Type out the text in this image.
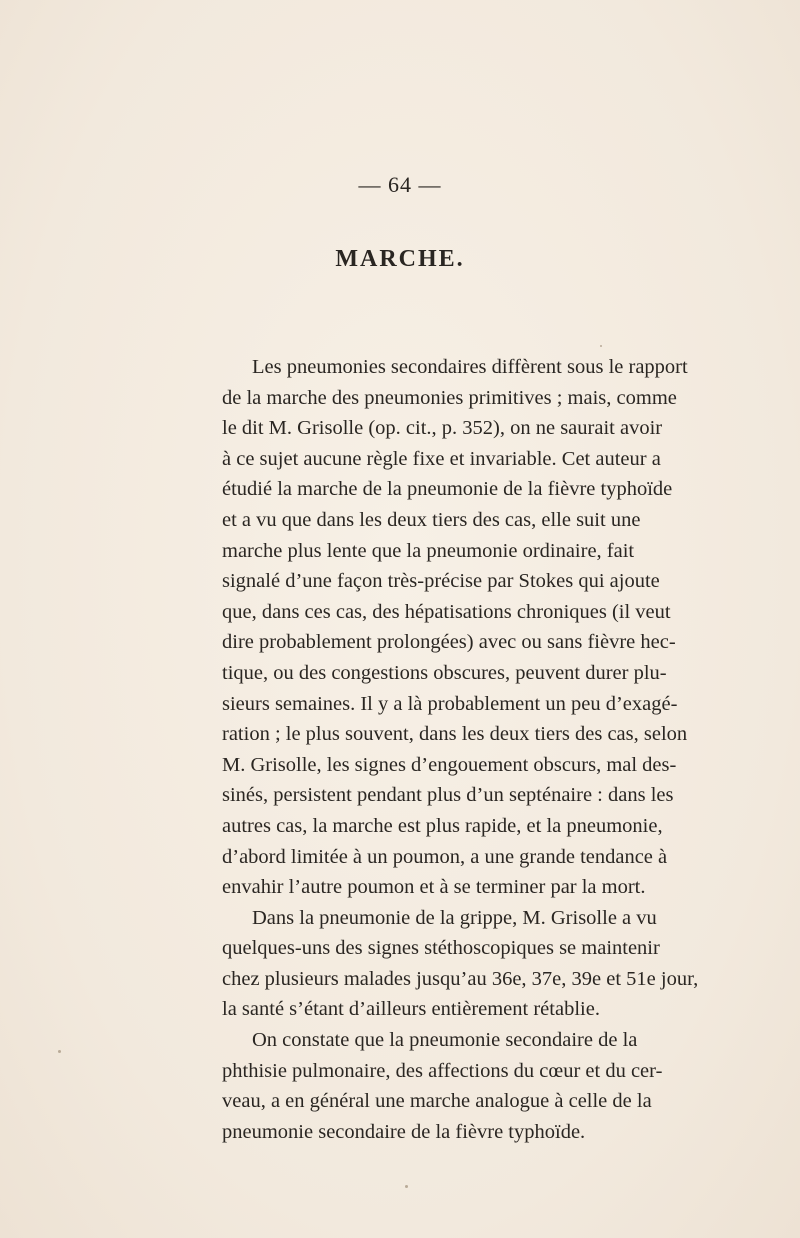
— 64 —
MARCHE.
Les pneumonies secondaires diffèrent sous le rapport
de la marche des pneumonies primitives ; mais, comme
le dit M. Grisolle (op. cit., p. 352), on ne saurait avoir
à ce sujet aucune règle fixe et invariable. Cet auteur a
étudié la marche de la pneumonie de la fièvre typhoïde
et a vu que dans les deux tiers des cas, elle suit une
marche plus lente que la pneumonie ordinaire, fait
signalé d’une façon très-précise par Stokes qui ajoute
que, dans ces cas, des hépatisations chroniques (il veut
dire probablement prolongées) avec ou sans fièvre hec-
tique, ou des congestions obscures, peuvent durer plu-
sieurs semaines. Il y a là probablement un peu d’exagé-
ration ; le plus souvent, dans les deux tiers des cas, selon
M. Grisolle, les signes d’engouement obscurs, mal des-
sinés, persistent pendant plus d’un septénaire : dans les
autres cas, la marche est plus rapide, et la pneumonie,
d’abord limitée à un poumon, a une grande tendance à
envahir l’autre poumon et à se terminer par la mort.
Dans la pneumonie de la grippe, M. Grisolle a vu
quelques-uns des signes stéthoscopiques se maintenir
chez plusieurs malades jusqu’au 36e, 37e, 39e et 51e jour,
la santé s’étant d’ailleurs entièrement rétablie.
On constate que la pneumonie secondaire de la
phthisie pulmonaire, des affections du cœur et du cer-
veau, a en général une marche analogue à celle de la
pneumonie secondaire de la fièvre typhoïde.
